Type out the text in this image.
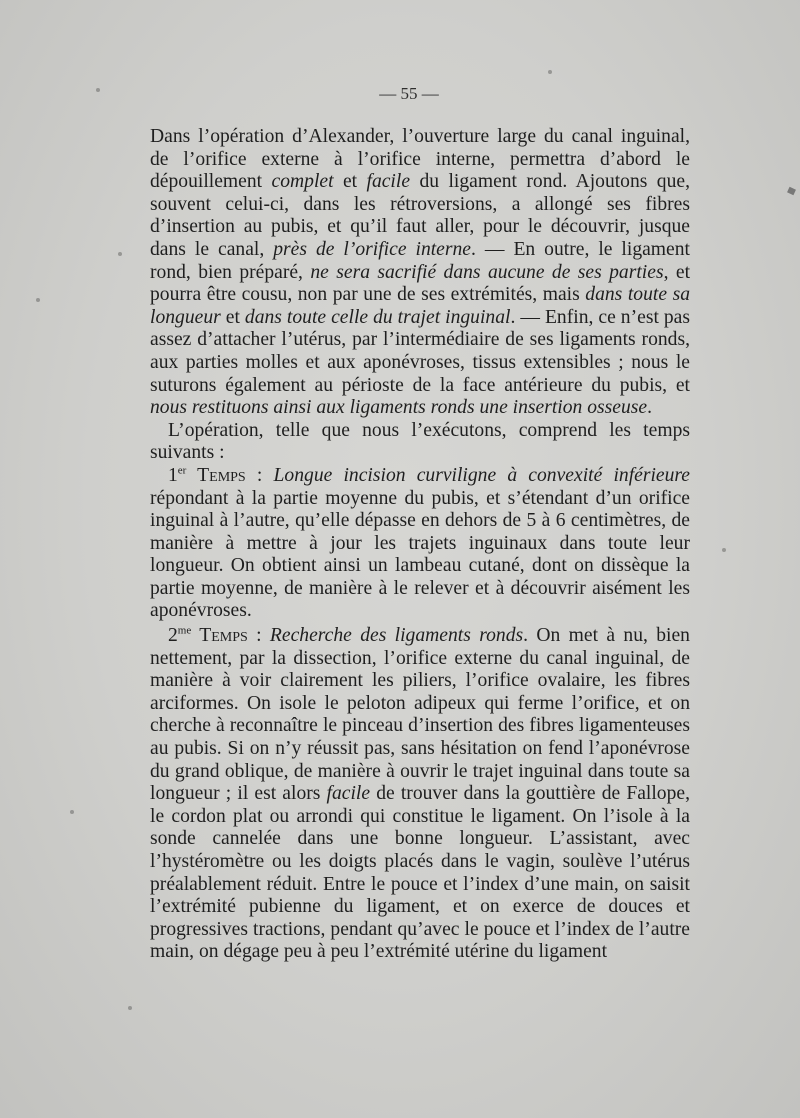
— 55 —

Dans l’opération d’Alexander, l’ouverture large du canal inguinal, de l’orifice externe à l’orifice interne, permettra d’abord le dépouillement complet et facile du ligament rond. Ajoutons que, souvent celui-ci, dans les rétroversions, a allongé ses fibres d’insertion au pubis, et qu’il faut aller, pour le découvrir, jusque dans le canal, près de l’orifice interne. — En outre, le ligament rond, bien préparé, ne sera sacrifié dans aucune de ses parties, et pourra être cousu, non par une de ses extrémités, mais dans toute sa longueur et dans toute celle du trajet inguinal. — Enfin, ce n’est pas assez d’attacher l’utérus, par l’intermédiaire de ses ligaments ronds, aux parties molles et aux aponévroses, tissus extensibles ; nous le suturons également au périoste de la face antérieure du pubis, et nous restituons ainsi aux ligaments ronds une insertion osseuse.

L’opération, telle que nous l’exécutons, comprend les temps suivants :

1er Temps : Longue incision curviligne à convexité inférieure répondant à la partie moyenne du pubis, et s’étendant d’un orifice inguinal à l’autre, qu’elle dépasse en dehors de 5 à 6 centimètres, de manière à mettre à jour les trajets inguinaux dans toute leur longueur. On obtient ainsi un lambeau cutané, dont on dissèque la partie moyenne, de manière à le relever et à découvrir aisément les aponévroses.

$2^{me}$ Temps : Recherche des ligaments ronds. On met à nu, bien nettement, par la dissection, l’orifice externe du canal inguinal, de manière à voir clairement les piliers, l’orifice ovalaire, les fibres arciformes. On isole le peloton adipeux qui ferme l’orifice, et on cherche à reconnaître le pinceau d’insertion des fibres ligamenteuses au pubis. Si on n’y réussit pas, sans hésitation on fend l’aponévrose du grand oblique, de manière à ouvrir le trajet inguinal dans toute sa longueur ; il est alors facile de trouver dans la gouttière de Fallope, le cordon plat ou arrondi qui constitue le ligament. On l’isole à la sonde cannelée dans une bonne longueur. L’assistant, avec l’hystéromètre ou les doigts placés dans le vagin, soulève l’utérus préalablement réduit. Entre le pouce et l’index d’une main, on saisit l’extrémité pubienne du ligament, et on exerce de douces et progressives tractions, pendant qu’avec le pouce et l’index de l’autre main, on dégage peu à peu l’extrémité utérine du ligament
